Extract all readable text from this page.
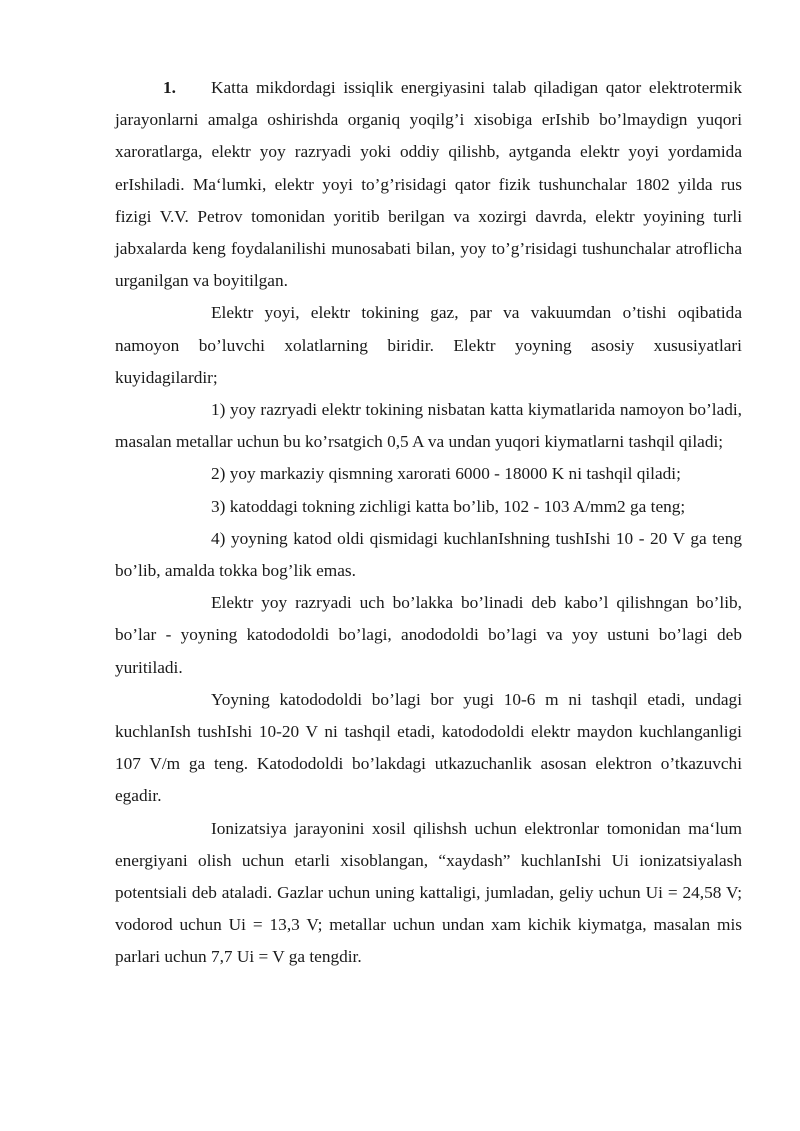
1. Katta mikdordagi issiqlik energiyasini talab qiladigan qator elektrotermik jarayonlarni amalga oshirishda organiq yoqilg’i xisobiga erIshib bo’lmaydign yuqori xaroratlarga, elektr yoy razryadi yoki oddiy qilishb, aytganda elektr yoyi yordamida erIshiladi. Ma‘lumki, elektr yoyi to’g’risidagi qator fizik tushunchalar 1802 yilda rus fizigi V.V. Petrov tomonidan yoritib berilgan va xozirgi davrda, elektr yoyining turli jabxalarda keng foydalanilishi munosabati bilan, yoy to’g’risidagi tushunchalar atroflicha urganilgan va boyitilgan.

Elektr yoyi, elektr tokining gaz, par va vakuumdan o’tishi oqibatida namoyon bo’luvchi xolatlarning biridir. Elektr yoyning asosiy xususiyatlari kuyidagilardir;

1) yoy razryadi elektr tokining nisbatan katta kiymatlarida namoyon bo’ladi, masalan metallar uchun bu ko’rsatgich 0,5 A va undan yuqori kiymatlarni tashqil qiladi;

2) yoy markaziy qismning xarorati 6000 - 18000 K ni tashqil qiladi;

3) katoddagi tokning zichligi katta bo’lib, 102 - 103 A/mm2 ga teng;

4) yoyning katod oldi qismidagi kuchlanIshning tushIshi 10 - 20 V ga teng bo’lib, amalda tokka bog’lik emas.

Elektr yoy razryadi uch bo’lakka bo’linadi deb kabo’l qilishngan bo’lib, bo’lar - yoyning katododoldi bo’lagi, anododoldi bo’lagi va yoy ustuni bo’lagi deb yuritiladi.

Yoyning katododoldi bo’lagi bor yugi 10-6 m ni tashqil etadi, undagi kuchlanIsh tushIshi 10-20 V ni tashqil etadi, katododoldi elektr maydon kuchlanganligi 107 V/m ga teng. Katododoldi bo’lakdagi utkazuchanlik asosan elektron o’tkazuvchi egadir.

Ionizatsiya jarayonini xosil qilishsh uchun elektronlar tomonidan ma‘lum energiyani olish uchun etarli xisoblangan, “xaydash” kuchlanIshi Ui ionizatsiyalash potentsiali deb ataladi. Gazlar uchun uning kattaligi, jumladan, geliy uchun Ui = 24,58 V; vodorod uchun Ui = 13,3 V; metallar uchun undan xam kichik kiymatga, masalan mis parlari uchun 7,7 Ui = V ga tengdir.
